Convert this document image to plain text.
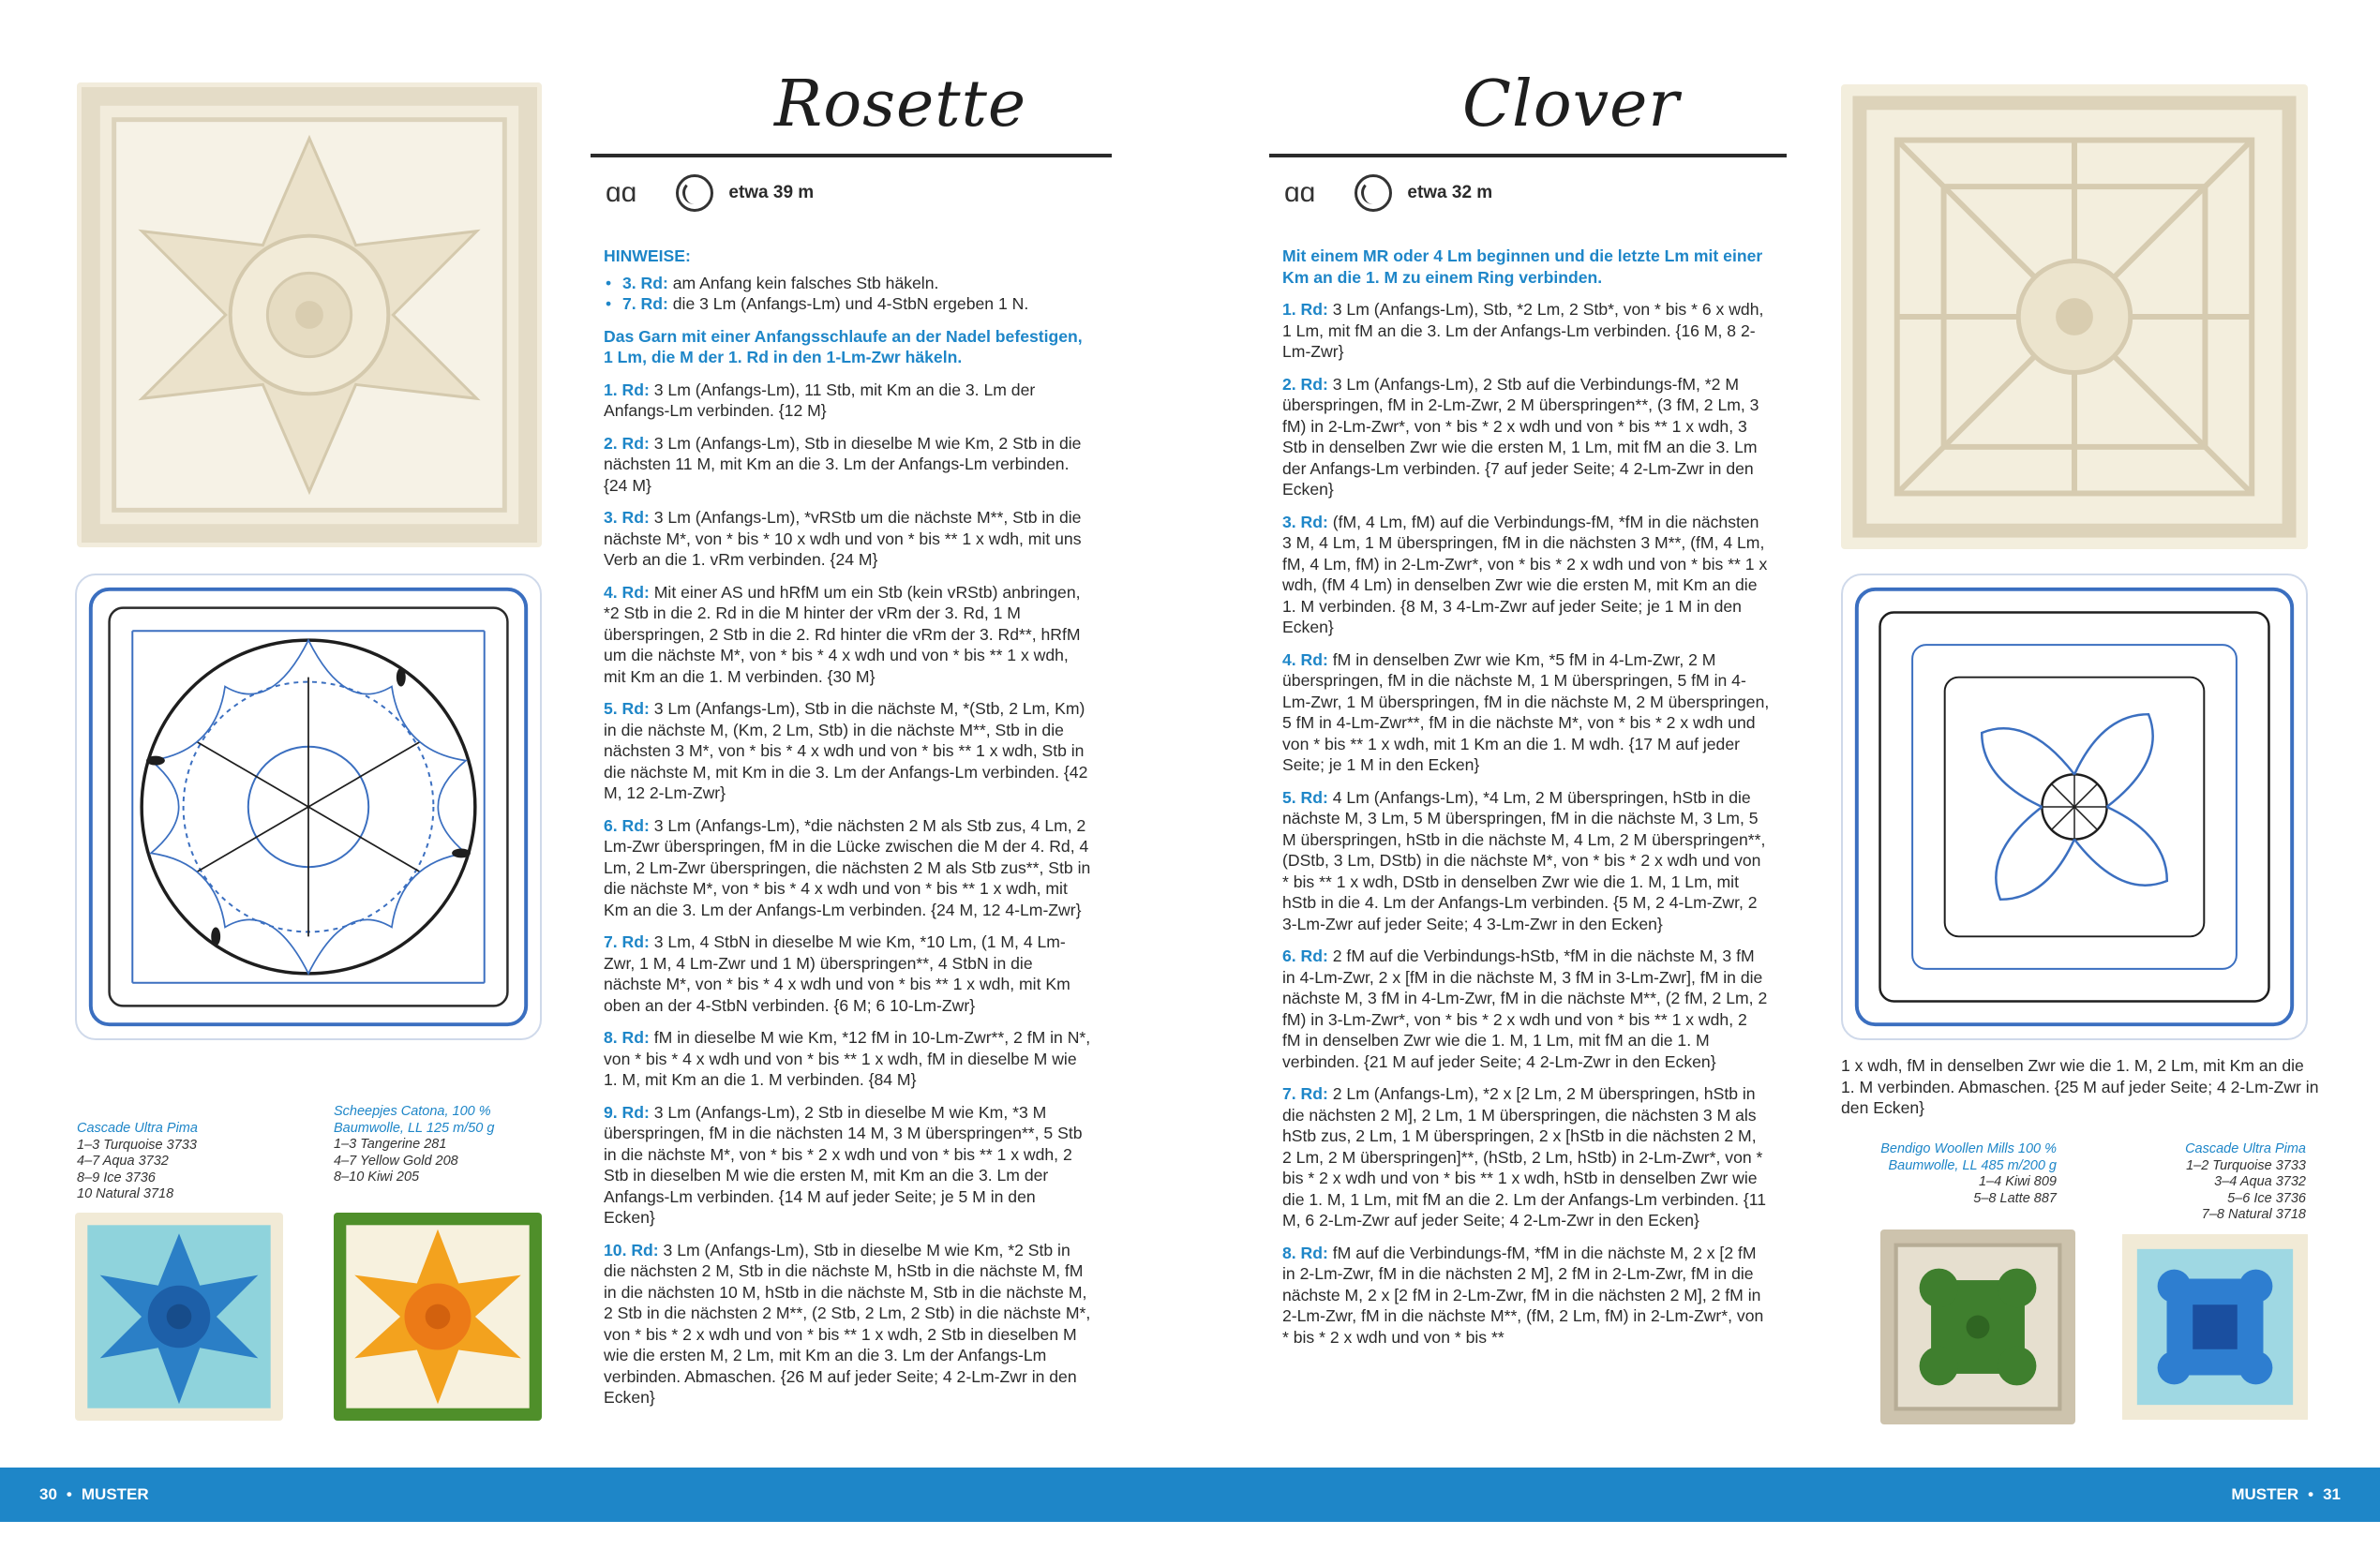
Cascade Ultra Pima
1–3 Turquoise 3733
4–7 Aqua 3732
8–9 Ice 3736
10 Natural 3718
Scheepjes Catona, 100 % Baumwolle, LL 125 m/50 g
1–3 Tangerine 281
4–7 Yellow Gold 208
8–10 Kiwi 205
Rosette
ɑɑ	etwa 39 m

HINWEISE:

• 3. Rd: am Anfang kein falsches Stb häkeln.
• 7. Rd: die 3 Lm (Anfangs-Lm) und 4-StbN ergeben 1 N.

Das Garn mit einer Anfangsschlaufe an der Nadel befestigen, 1 Lm, die M der 1. Rd in den 1-Lm-Zwr häkeln.

1. Rd: 3 Lm (Anfangs-Lm), 11 Stb, mit Km an die 3. Lm der Anfangs-Lm verbinden. {12 M}

2. Rd: 3 Lm (Anfangs-Lm), Stb in dieselbe M wie Km, 2 Stb in die nächsten 11 M, mit Km an die 3. Lm der Anfangs-Lm verbinden. {24 M}

3. Rd: 3 Lm (Anfangs-Lm), *vRStb um die nächste M**, Stb in die nächste M*, von * bis * 10 x wdh und von * bis ** 1 x wdh, mit uns Verb an die 1. vRm verbinden. {24 M}

4. Rd: Mit einer AS und hRfM um ein Stb (kein vRStb) anbringen, *2 Stb in die 2. Rd in die M hinter der vRm der 3. Rd, 1 M überspringen, 2 Stb in die 2. Rd hinter die vRm der 3. Rd**, hRfM um die nächste M*, von * bis * 4 x wdh und von * bis ** 1 x wdh, mit Km an die 1. M verbinden. {30 M}

5. Rd: 3 Lm (Anfangs-Lm), Stb in die nächste M, *(Stb, 2 Lm, Km) in die nächste M, (Km, 2 Lm, Stb) in die nächste M**, Stb in die nächsten 3 M*, von * bis * 4 x wdh und von * bis ** 1 x wdh, Stb in die nächste M, mit Km in die 3. Lm der Anfangs-Lm verbinden. {42 M, 12 2-Lm-Zwr}

6. Rd: 3 Lm (Anfangs-Lm), *die nächsten 2 M als Stb zus, 4 Lm, 2 Lm-Zwr überspringen, fM in die Lücke zwischen die M der 4. Rd, 4 Lm, 2 Lm-Zwr überspringen, die nächsten 2 M als Stb zus**, Stb in die nächste M*, von * bis * 4 x wdh und von * bis ** 1 x wdh, mit Km an die 3. Lm der Anfangs-Lm verbinden. {24 M, 12 4-Lm-Zwr}

7. Rd: 3 Lm, 4 StbN in dieselbe M wie Km, *10 Lm, (1 M, 4 Lm-Zwr, 1 M, 4 Lm-Zwr und 1 M) überspringen**, 4 StbN in die nächste M*, von * bis * 4 x wdh und von * bis ** 1 x wdh, mit Km oben an der 4-StbN verbinden. {6 M; 6 10-Lm-Zwr}

8. Rd: fM in dieselbe M wie Km, *12 fM in 10-Lm-Zwr**, 2 fM in N*, von * bis * 4 x wdh und von * bis ** 1 x wdh, fM in dieselbe M wie 1. M, mit Km an die 1. M verbinden. {84 M}

9. Rd: 3 Lm (Anfangs-Lm), 2 Stb in dieselbe M wie Km, *3 M überspringen, fM in die nächsten 14 M, 3 M überspringen**, 5 Stb in die nächste M*, von * bis * 2 x wdh und von * bis ** 1 x wdh, 2 Stb in dieselben M wie die ersten M, mit Km an die 3. Lm der Anfangs-Lm verbinden. {14 M auf jeder Seite; je 5 M in den Ecken}

10. Rd: 3 Lm (Anfangs-Lm), Stb in dieselbe M wie Km, *2 Stb in die nächsten 2 M, Stb in die nächste M, hStb in die nächste M, fM in die nächsten 10 M, hStb in die nächste M, Stb in die nächste M, 2 Stb in die nächsten 2 M**, (2 Stb, 2 Lm, 2 Stb) in die nächste M*, von * bis * 2 x wdh und von * bis ** 1 x wdh, 2 Stb in dieselben M wie die ersten M, 2 Lm, mit Km an die 3. Lm der Anfangs-Lm verbinden. Abmaschen. {26 M auf jeder Seite; 4 2-Lm-Zwr in den Ecken}

Clover
ɑɑ	etwa 32 m

Mit einem MR oder 4 Lm beginnen und die letzte Lm mit einer Km an die 1. M zu einem Ring verbinden.

1. Rd: 3 Lm (Anfangs-Lm), Stb, *2 Lm, 2 Stb*, von * bis * 6 x wdh, 1 Lm, mit fM an die 3. Lm der Anfangs-Lm verbinden. {16 M, 8 2-Lm-Zwr}

2. Rd: 3 Lm (Anfangs-Lm), 2 Stb auf die Verbindungs-fM, *2 M überspringen, fM in 2-Lm-Zwr, 2 M überspringen**, (3 fM, 2 Lm, 3 fM) in 2-Lm-Zwr*, von * bis * 2 x wdh und von * bis ** 1 x wdh, 3 Stb in denselben Zwr wie die ersten M, 1 Lm, mit fM an die 3. Lm der Anfangs-Lm verbinden. {7 auf jeder Seite; 4 2-Lm-Zwr in den Ecken}

3. Rd: (fM, 4 Lm, fM) auf die Verbindungs-fM, *fM in die nächsten 3 M, 4 Lm, 1 M überspringen, fM in die nächsten 3 M**, (fM, 4 Lm, fM, 4 Lm, fM) in 2-Lm-Zwr*, von * bis * 2 x wdh und von * bis ** 1 x wdh, (fM 4 Lm) in denselben Zwr wie die ersten M, mit Km an die 1. M verbinden. {8 M, 3 4-Lm-Zwr auf jeder Seite; je 1 M in den Ecken}

4. Rd: fM in denselben Zwr wie Km, *5 fM in 4-Lm-Zwr, 2 M überspringen, fM in die nächste M, 1 M überspringen, 5 fM in 4-Lm-Zwr, 1 M überspringen, fM in die nächste M, 2 M überspringen, 5 fM in 4-Lm-Zwr**, fM in die nächste M*, von * bis * 2 x wdh und von * bis ** 1 x wdh, mit 1 Km an die 1. M wdh. {17 M auf jeder Seite; je 1 M in den Ecken}

5. Rd: 4 Lm (Anfangs-Lm), *4 Lm, 2 M überspringen, hStb in die nächste M, 3 Lm, 5 M überspringen, fM in die nächste M, 3 Lm, 5 M überspringen, hStb in die nächste M, 4 Lm, 2 M überspringen**, (DStb, 3 Lm, DStb) in die nächste M*, von * bis * 2 x wdh und von * bis ** 1 x wdh, DStb in denselben Zwr wie die 1. M, 1 Lm, mit hStb in die 4. Lm der Anfangs-Lm verbinden. {5 M, 2 4-Lm-Zwr, 2 3-Lm-Zwr auf jeder Seite; 4 3-Lm-Zwr in den Ecken}

6. Rd: 2 fM auf die Verbindungs-hStb, *fM in die nächste M, 3 fM in 4-Lm-Zwr, 2 x [fM in die nächste M, 3 fM in 3-Lm-Zwr], fM in die nächste M, 3 fM in 4-Lm-Zwr, fM in die nächste M**, (2 fM, 2 Lm, 2 fM) in 3-Lm-Zwr*, von * bis * 2 x wdh und von * bis ** 1 x wdh, 2 fM in denselben Zwr wie die 1. M, 1 Lm, mit fM an die 1. M verbinden. {21 M auf jeder Seite; 4 2-Lm-Zwr in den Ecken}

7. Rd: 2 Lm (Anfangs-Lm), *2 x [2 Lm, 2 M überspringen, hStb in die nächsten 2 M], 2 Lm, 1 M überspringen, die nächsten 3 M als hStb zus, 2 Lm, 1 M überspringen, 2 x [hStb in die nächsten 2 M, 2 Lm, 2 M überspringen]**, (hStb, 2 Lm, hStb) in 2-Lm-Zwr*, von * bis * 2 x wdh und von * bis ** 1 x wdh, hStb in denselben Zwr wie die 1. M, 1 Lm, mit fM an die 2. Lm der Anfangs-Lm verbinden. {11 M, 6 2-Lm-Zwr auf jeder Seite; 4 2-Lm-Zwr in den Ecken}

8. Rd: fM auf die Verbindungs-fM, *fM in die nächste M, 2 x [2 fM in 2-Lm-Zwr, fM in die nächsten 2 M], 2 fM in 2-Lm-Zwr, fM in die nächste M, 2 x [2 fM in 2-Lm-Zwr, fM in die nächsten 2 M], 2 fM in 2-Lm-Zwr, fM in die nächste M**, (fM, 2 Lm, fM) in 2-Lm-Zwr*, von * bis * 2 x wdh und von * bis **

1 x wdh, fM in denselben Zwr wie die 1. M, 2 Lm, mit Km an die 1. M verbinden. Abmaschen. {25 M auf jeder Seite; 4 2-Lm-Zwr in den Ecken}

Bendigo Woollen Mills 100 % Baumwolle, LL 485 m/200 g
1–4 Kiwi 809
5–8 Latte 887
Cascade Ultra Pima
1–2 Turquoise 3733
3–4 Aqua 3732
5–6 Ice 3736
7–8 Natural 3718
30 • MUSTER	MUSTER • 31
